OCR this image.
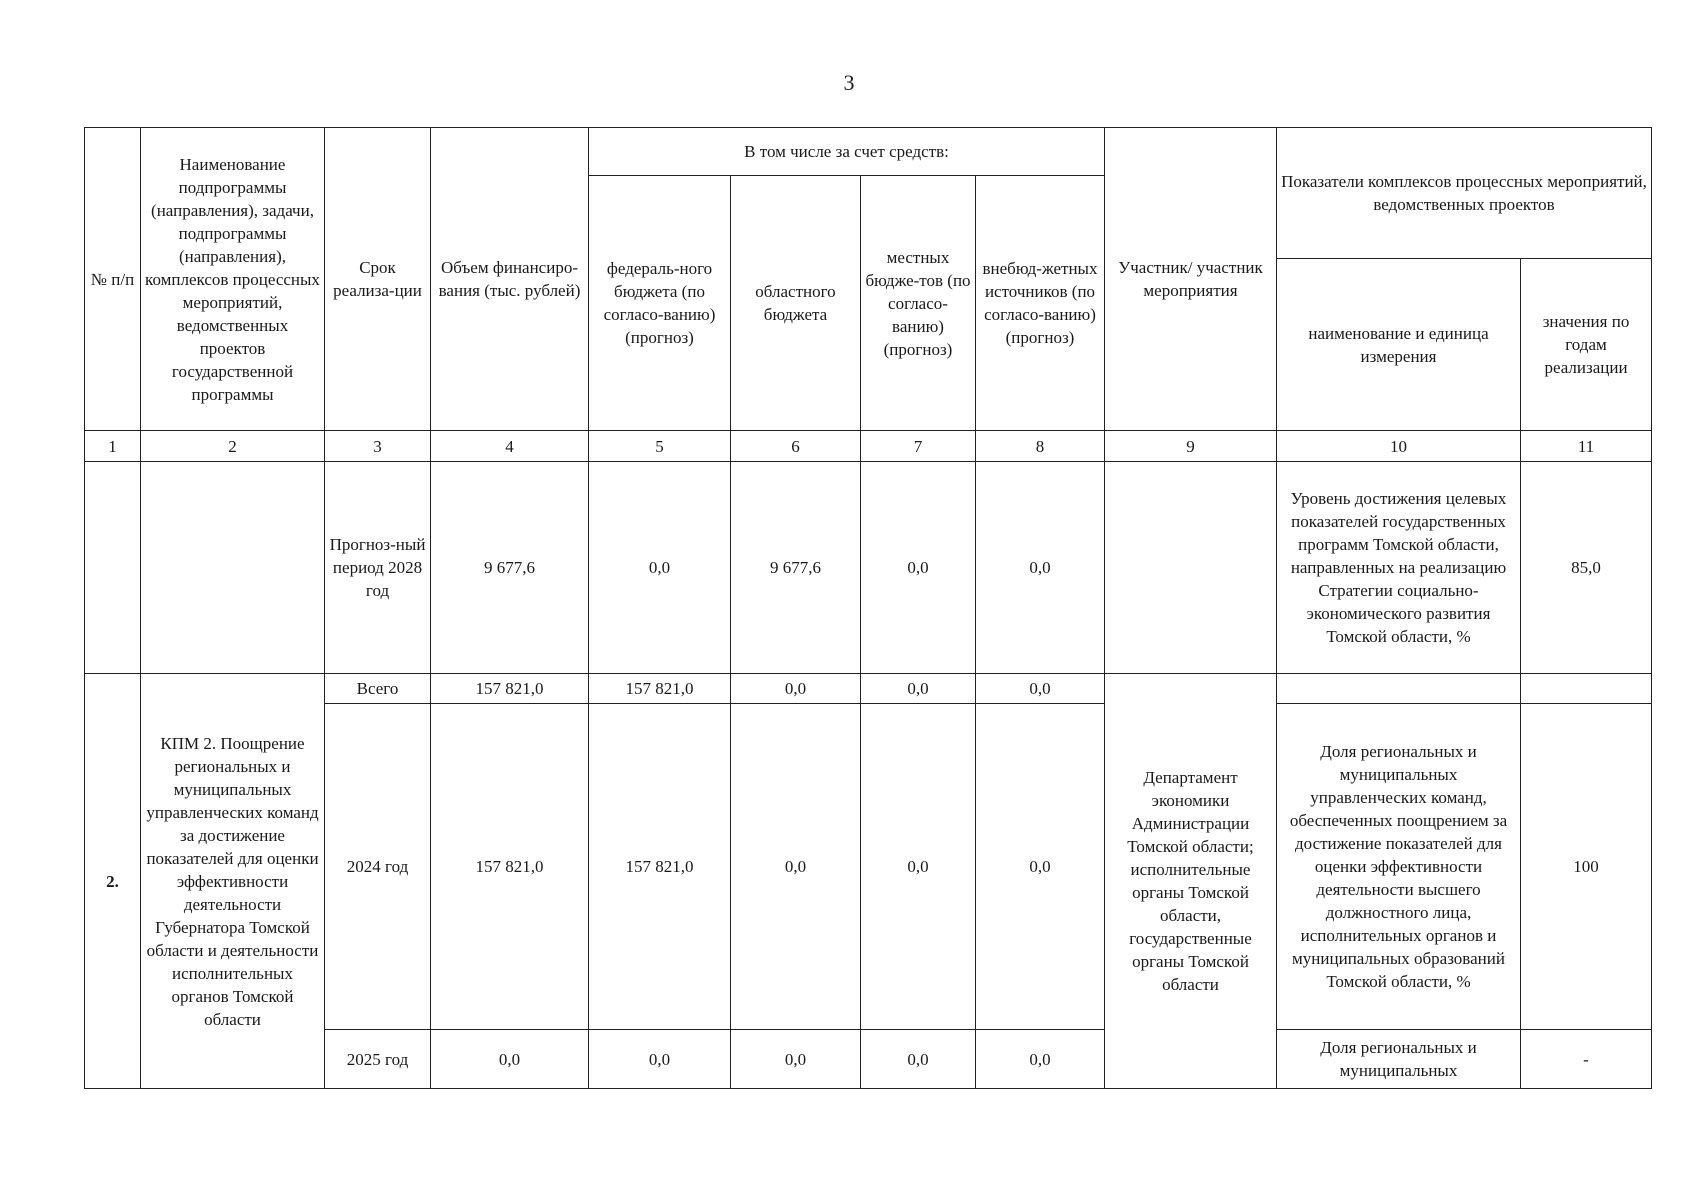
3
№ п/п	Наименование подпрограммы (направления), задачи, подпрограммы (направления), комплексов процессных мероприятий, ведомственных проектов государственной программы	Срок реализа-ции	Объем финансиро-вания (тыс. рублей)	В том числе за счет средств:				Участник/ участник мероприятия	Показатели комплексов процессных мероприятий, ведомственных проектов	
				федераль-ного бюджета (по согласо-ванию) (прогноз)	областного бюджета	местных бюдже-тов (по согласо-ванию) (прогноз)	внебюд-жетных источников (по согласо-ванию) (прогноз)			
									наименование и единица измерения	значения по годам реализации
1	2	3	4	5	6	7	8	9	10	11
		Прогноз-ный период 2028 год	9 677,6	0,0	9 677,6	0,0	0,0		Уровень достижения целевых показателей государственных программ Томской области, направленных на реализацию Стратегии социально-экономического развития Томской области, %	85,0
2.	КПМ 2. Поощрение региональных и муниципальных управленческих команд за достижение показателей для оценки эффективности деятельности Губернатора Томской области и деятельности исполнительных органов Томской области	Всего	157 821,0	157 821,0	0,0	0,0	0,0	Департамент экономики Администрации Томской области; исполнительные органы Томской области, государственные органы Томской области		
		2024 год	157 821,0	157 821,0	0,0	0,0	0,0		Доля региональных и муниципальных управленческих команд, обеспеченных поощрением за достижение показателей для оценки эффективности деятельности высшего должностного лица, исполнительных органов и муниципальных образований Томской области, %	100
		2025 год	0,0	0,0	0,0	0,0	0,0		Доля региональных и муниципальных	-
